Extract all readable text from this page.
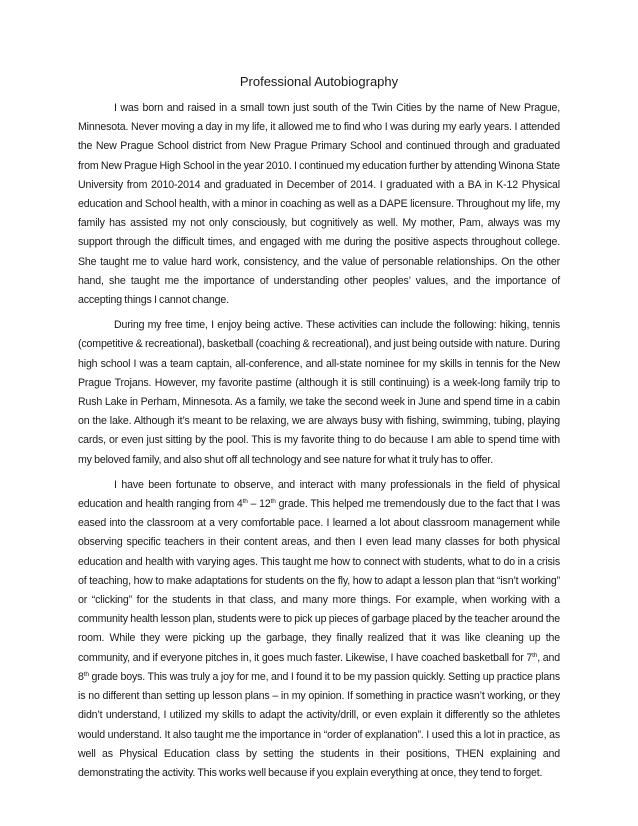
Professional Autobiography

I was born and raised in a small town just south of the Twin Cities by the name of New Prague, Minnesota. Never moving a day in my life, it allowed me to find who I was during my early years. I attended the New Prague School district from New Prague Primary School and continued through and graduated from New Prague High School in the year 2010. I continued my education further by attending Winona State University from 2010-2014 and graduated in December of 2014. I graduated with a BA in K-12 Physical education and School health, with a minor in coaching as well as a DAPE licensure. Throughout my life, my family has assisted my not only consciously, but cognitively as well. My mother, Pam, always was my support through the difficult times, and engaged with me during the positive aspects throughout college. She taught me to value hard work, consistency, and the value of personable relationships. On the other hand, she taught me the importance of understanding other peoples’ values, and the importance of accepting things I cannot change.

During my free time, I enjoy being active. These activities can include the following: hiking, tennis (competitive & recreational), basketball (coaching & recreational), and just being outside with nature. During high school I was a team captain, all-conference, and all-state nominee for my skills in tennis for the New Prague Trojans. However, my favorite pastime (although it is still continuing) is a week-long family trip to Rush Lake in Perham, Minnesota. As a family, we take the second week in June and spend time in a cabin on the lake. Although it’s meant to be relaxing, we are always busy with fishing, swimming, tubing, playing cards, or even just sitting by the pool. This is my favorite thing to do because I am able to spend time with my beloved family, and also shut off all technology and see nature for what it truly has to offer.

I have been fortunate to observe, and interact with many professionals in the field of physical education and health ranging from 4th – 12th grade. This helped me tremendously due to the fact that I was eased into the classroom at a very comfortable pace. I learned a lot about classroom management while observing specific teachers in their content areas, and then I even lead many classes for both physical education and health with varying ages. This taught me how to connect with students, what to do in a crisis of teaching, how to make adaptations for students on the fly, how to adapt a lesson plan that “isn’t working” or “clicking” for the students in that class, and many more things. For example, when working with a community health lesson plan, students were to pick up pieces of garbage placed by the teacher around the room. While they were picking up the garbage, they finally realized that it was like cleaning up the community, and if everyone pitches in, it goes much faster. Likewise, I have coached basketball for 7th, and 8th grade boys. This was truly a joy for me, and I found it to be my passion quickly. Setting up practice plans is no different than setting up lesson plans – in my opinion. If something in practice wasn’t working, or they didn’t understand, I utilized my skills to adapt the activity/drill, or even explain it differently so the athletes would understand. It also taught me the importance in “order of explanation”. I used this a lot in practice, as well as Physical Education class by setting the students in their positions, THEN explaining and demonstrating the activity. This works well because if you explain everything at once, they tend to forget.
